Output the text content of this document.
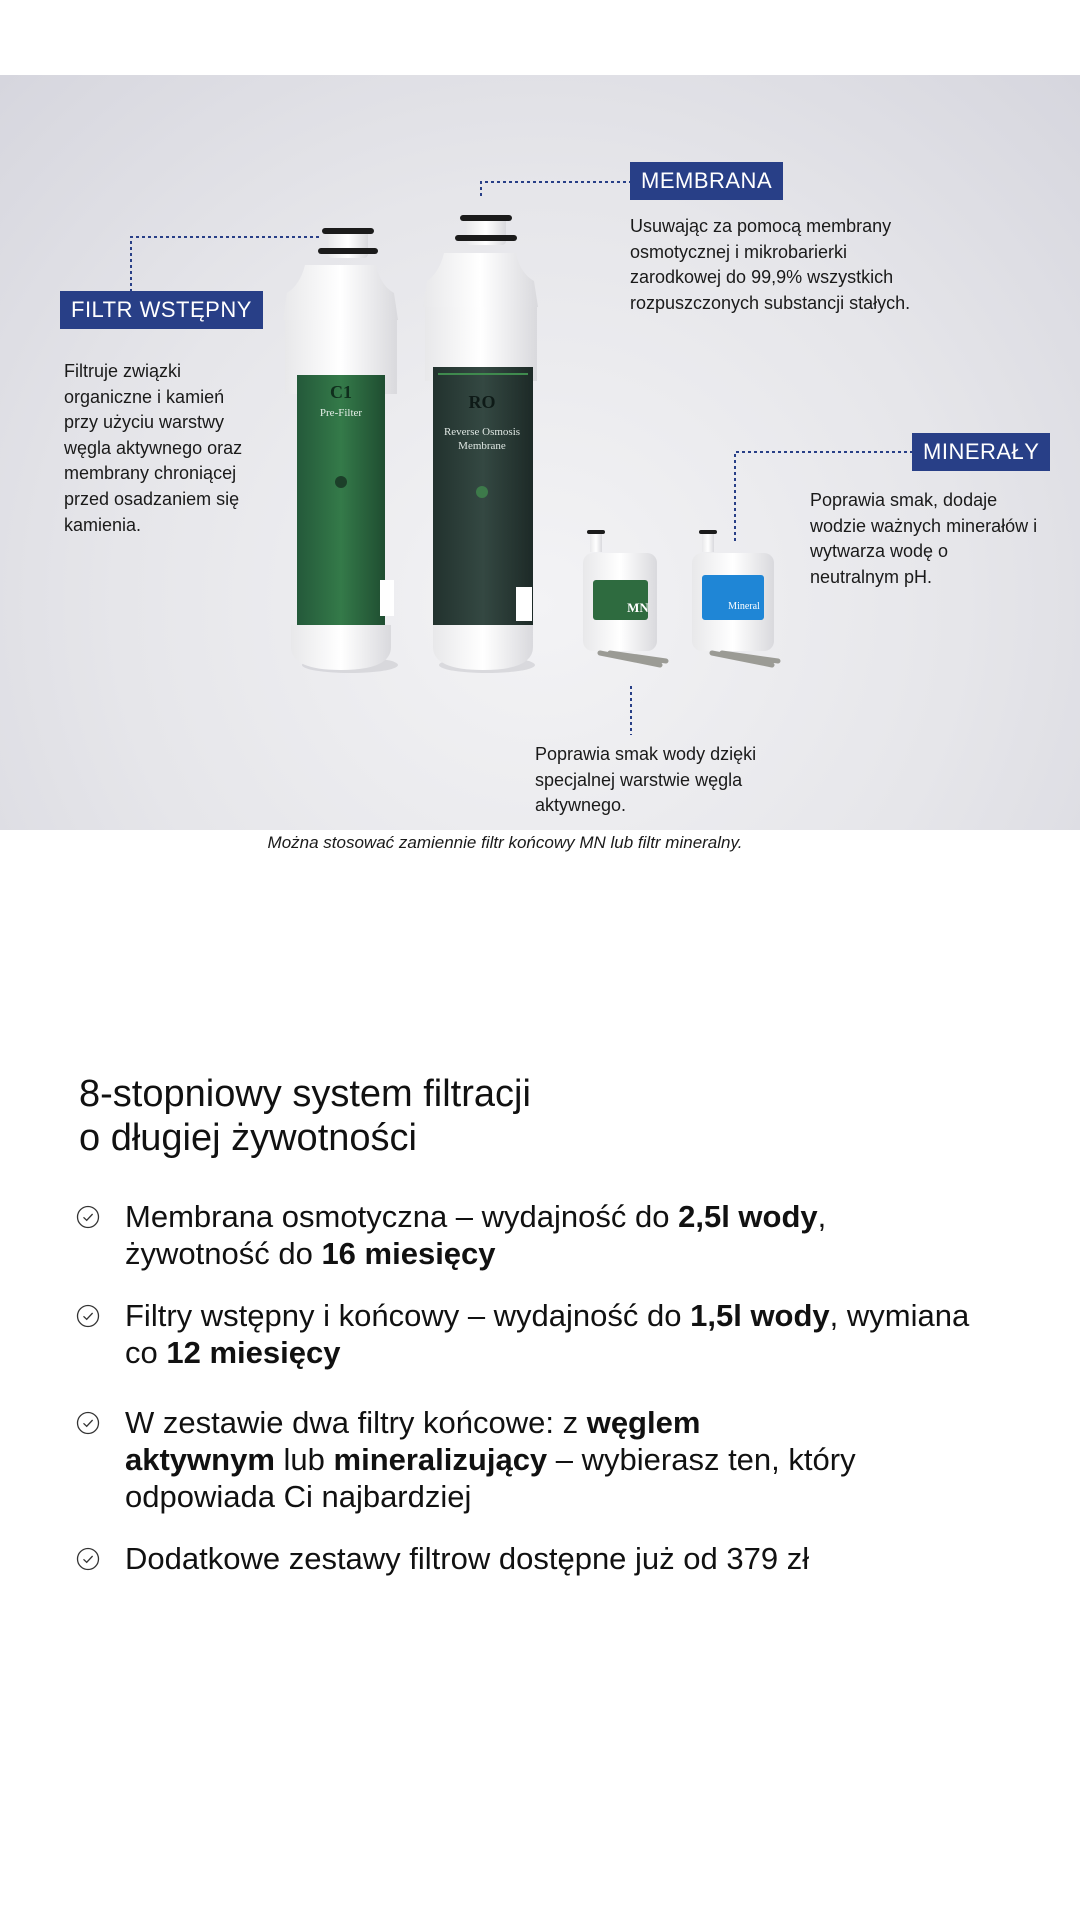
C1
Pre-Filter
RO
Reverse Osmosis
Membrane
MN	Mineral
FILTR WSTĘPNY
Filtruje związki
organiczne i kamień
przy użyciu warstwy
węgla aktywnego oraz
membrany chroniącej
przed osadzaniem się
kamienia.
MEMBRANA
Usuwając za pomocą membrany
osmotycznej i mikrobarierki
zarodkowej do 99,9% wszystkich
rozpuszczonych substancji stałych.
MINERAŁY
Poprawia smak, dodaje
wodzie ważnych minerałów i
wytwarza wodę o
neutralnym pH.
Poprawia smak wody dzięki
specjalnej warstwie węgla
aktywnego.
Można stosować zamiennie filtr końcowy MN lub filtr mineralny.
8-stopniowy system filtracji
o długiej żywotności
Membrana osmotyczna – wydajność do 2,5l wody,
żywotność do 16 miesięcy
Filtry wstępny i końcowy – wydajność do 1,5l wody, wymiana
co 12 miesięcy
W zestawie dwa filtry końcowe: z węglem
aktywnym lub mineralizujący – wybierasz ten, który
odpowiada Ci najbardziej
Dodatkowe zestawy filtrow dostępne już od 379 zł
